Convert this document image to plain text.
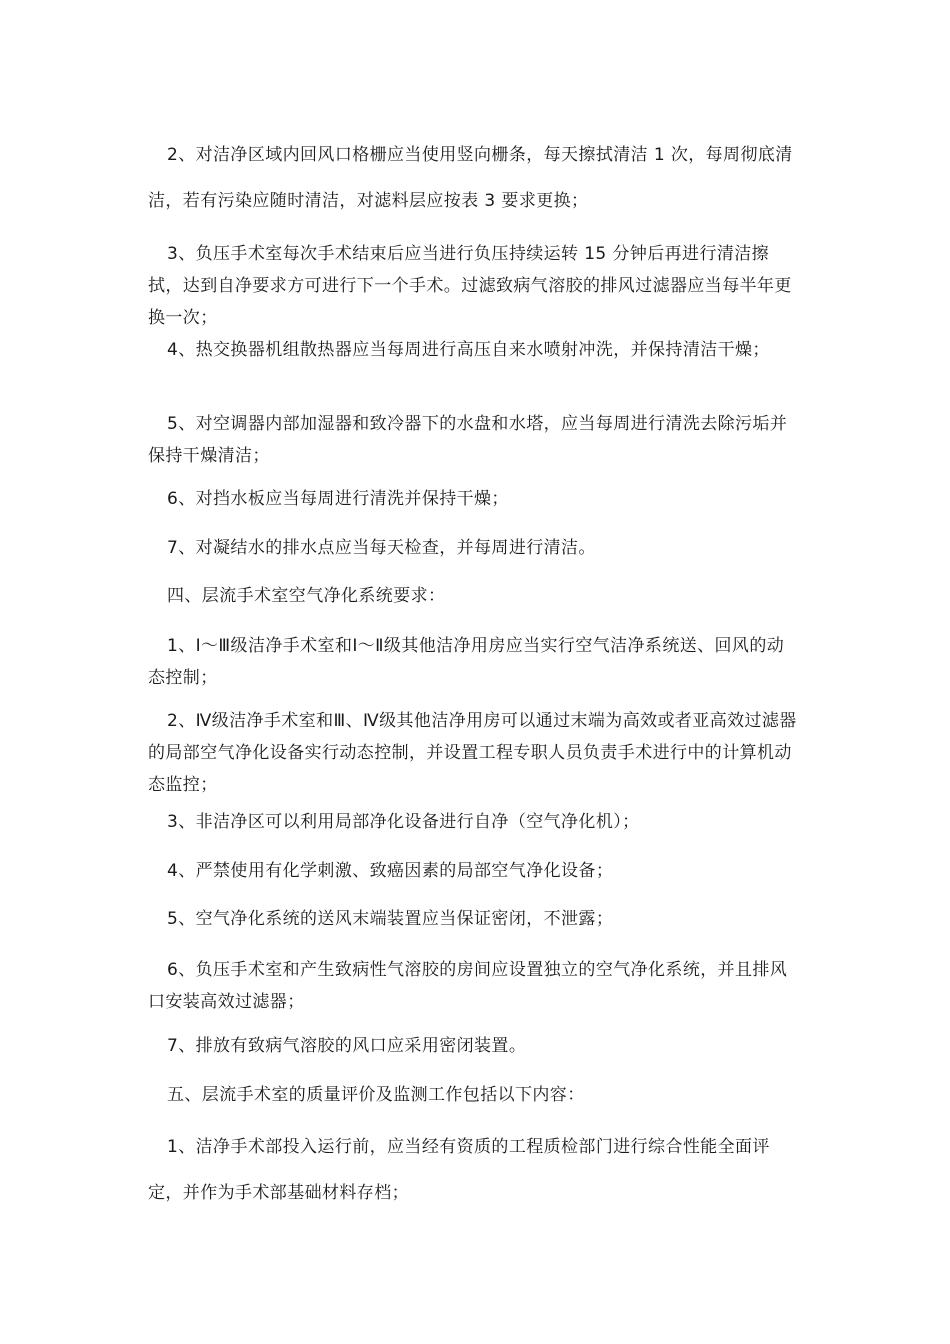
2、对洁净区域内回风口格栅应当使用竖向栅条，每天擦拭清洁 1 次，每周彻底清洁，若有污染应随时清洁，对滤料层应按表 3 要求更换；

3、负压手术室每次手术结束后应当进行负压持续运转 15 分钟后再进行清洁擦拭，达到自净要求方可进行下一个手术。过滤致病气溶胶的排风过滤器应当每半年更换一次；

4、热交换器机组散热器应当每周进行高压自来水喷射冲洗，并保持清洁干燥；

5、对空调器内部加湿器和致冷器下的水盘和水塔，应当每周进行清洗去除污垢并保持干燥清洁；

6、对挡水板应当每周进行清洗并保持干燥；

7、对凝结水的排水点应当每天检查，并每周进行清洁。

四、层流手术室空气净化系统要求：

1、Ⅰ～Ⅲ级洁净手术室和Ⅰ～Ⅱ级其他洁净用房应当实行空气洁净系统送、回风的动态控制；

2、Ⅳ级洁净手术室和Ⅲ、Ⅳ级其他洁净用房可以通过末端为高效或者亚高效过滤器的局部空气净化设备实行动态控制，并设置工程专职人员负责手术进行中的计算机动态监控；

3、非洁净区可以利用局部净化设备进行自净（空气净化机）；

4、严禁使用有化学刺激、致癌因素的局部空气净化设备；

5、空气净化系统的送风末端装置应当保证密闭，不泄露；

6、负压手术室和产生致病性气溶胶的房间应设置独立的空气净化系统，并且排风口安装高效过滤器；

7、排放有致病气溶胶的风口应采用密闭装置。

五、层流手术室的质量评价及监测工作包括以下内容：

1、洁净手术部投入运行前，应当经有资质的工程质检部门进行综合性能全面评定，并作为手术部基础材料存档；
